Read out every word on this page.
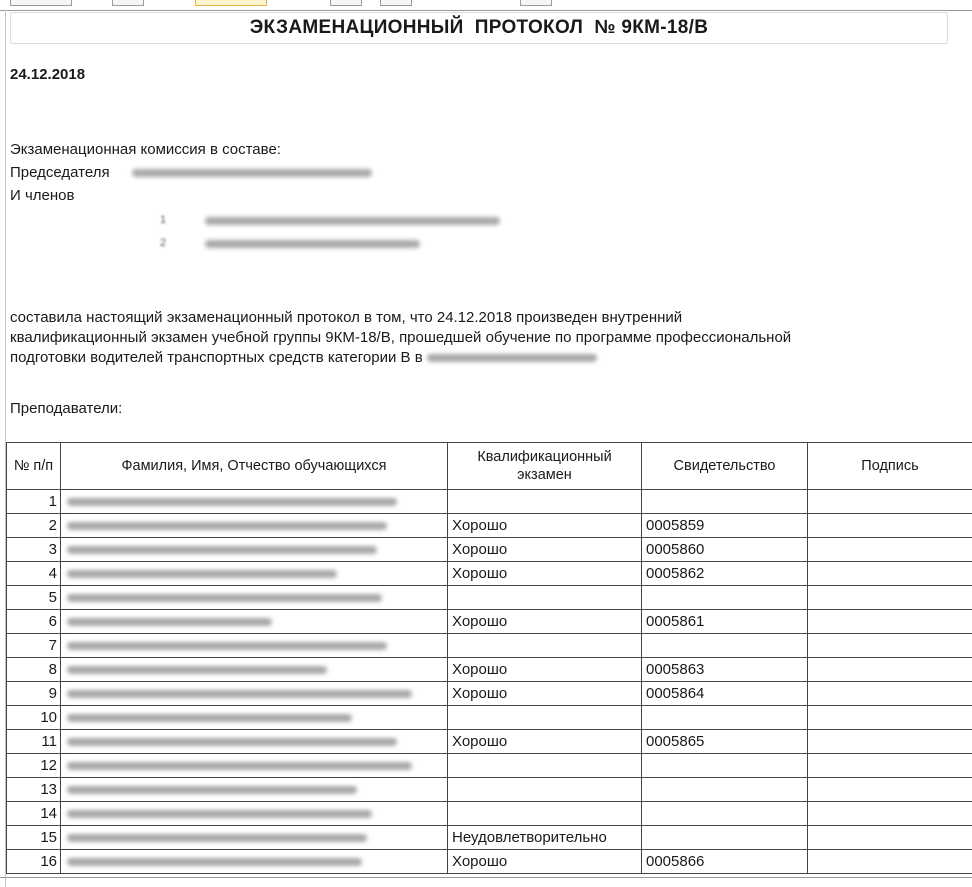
ЭКЗАМЕНАЦИОННЫЙ  ПРОТОКОЛ  № 9КМ-18/В
24.12.2018
Экзаменационная комиссия в составе:
Председателя
И членов
1
2
составила настоящий экзаменационный протокол в том, что 24.12.2018 произведен внутренний
квалификационный экзамен учебной группы 9КМ-18/В, прошедшей обучение по программе профессиональной
подготовки водителей транспортных средств категории В в
Преподаватели:
№ п/п	Фамилия, Имя, Отчество обучающихся	Квалификационный экзамен	Свидетельство	Подпись
1				
2		Хорошо	0005859	
3		Хорошо	0005860	
4		Хорошо	0005862	
5				
6		Хорошо	0005861	
7				
8		Хорошо	0005863	
9		Хорошо	0005864	
10				
11		Хорошо	0005865	
12				
13				
14				
15		Неудовлетворительно		
16		Хорошо	0005866	
